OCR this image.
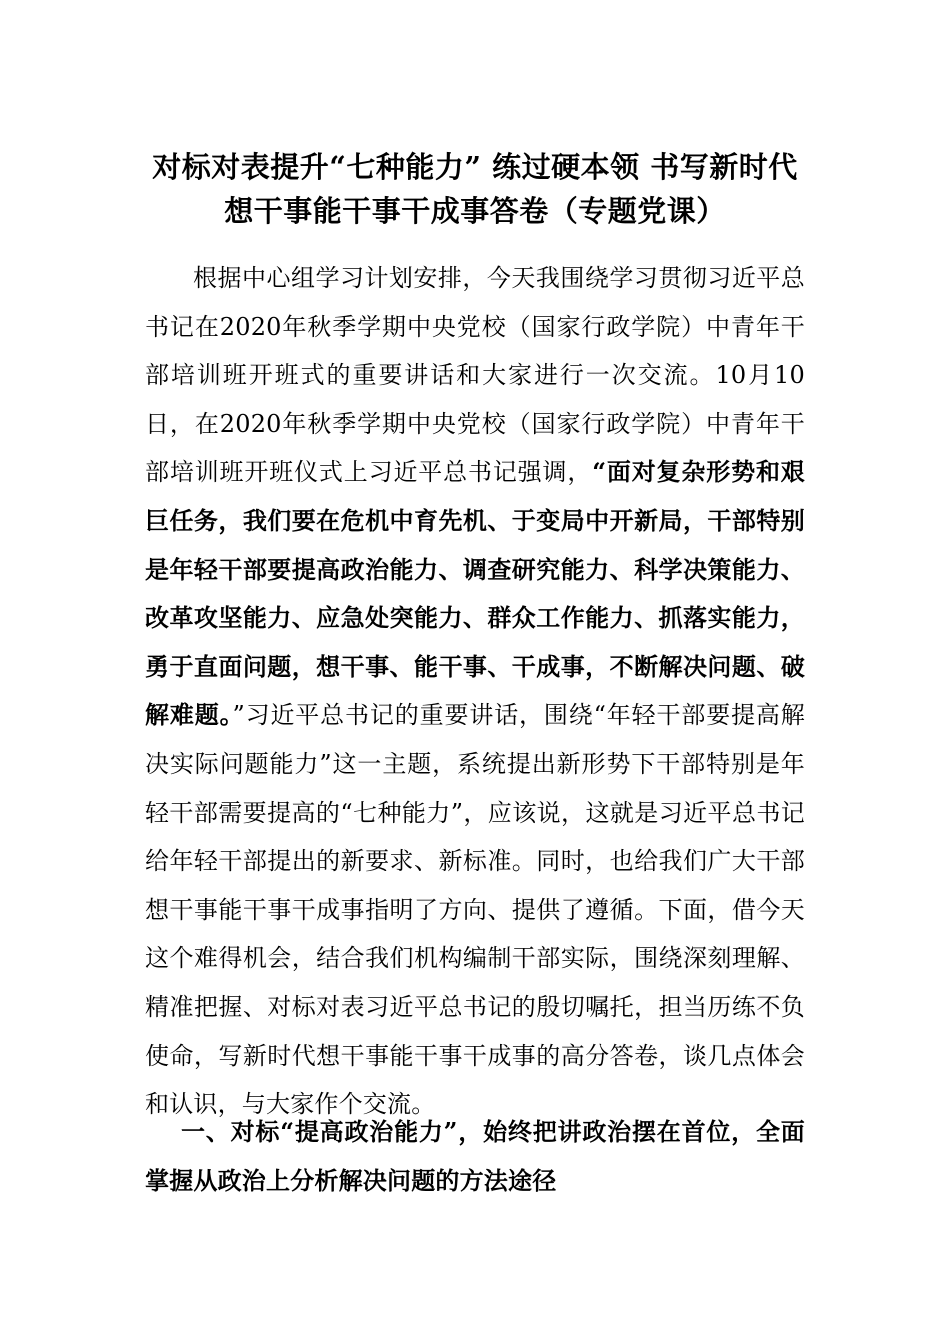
对标对表提升“七种能力” 练过硬本领 书写新时代
想干事能干事干成事答卷（专题党课）
根据中心组学习计划安排，今天我围绕学习贯彻习近平总书记在2020年秋季学期中央党校（国家行政学院）中青年干部培训班开班式的重要讲话和大家进行一次交流。10月10日，在2020年秋季学期中央党校（国家行政学院）中青年干部培训班开班仪式上习近平总书记强调，“面对复杂形势和艰巨任务，我们要在危机中育先机、于变局中开新局，干部特别是年轻干部要提高政治能力、调查研究能力、科学决策能力、改革攻坚能力、应急处突能力、群众工作能力、抓落实能力，勇于直面问题，想干事、能干事、干成事，不断解决问题、破解难题。”习近平总书记的重要讲话，围绕“年轻干部要提高解决实际问题能力”这一主题，系统提出新形势下干部特别是年轻干部需要提高的“七种能力”，应该说，这就是习近平总书记给年轻干部提出的新要求、新标准。同时，也给我们广大干部想干事能干事干成事指明了方向、提供了遵循。下面，借今天这个难得机会，结合我们机构编制干部实际，围绕深刻理解、精准把握、对标对表习近平总书记的殷切嘱托，担当历练不负使命，写新时代想干事能干事干成事的高分答卷，谈几点体会和认识，与大家作个交流。
一、对标“提高政治能力”，始终把讲政治摆在首位，全面掌握从政治上分析解决问题的方法途径
